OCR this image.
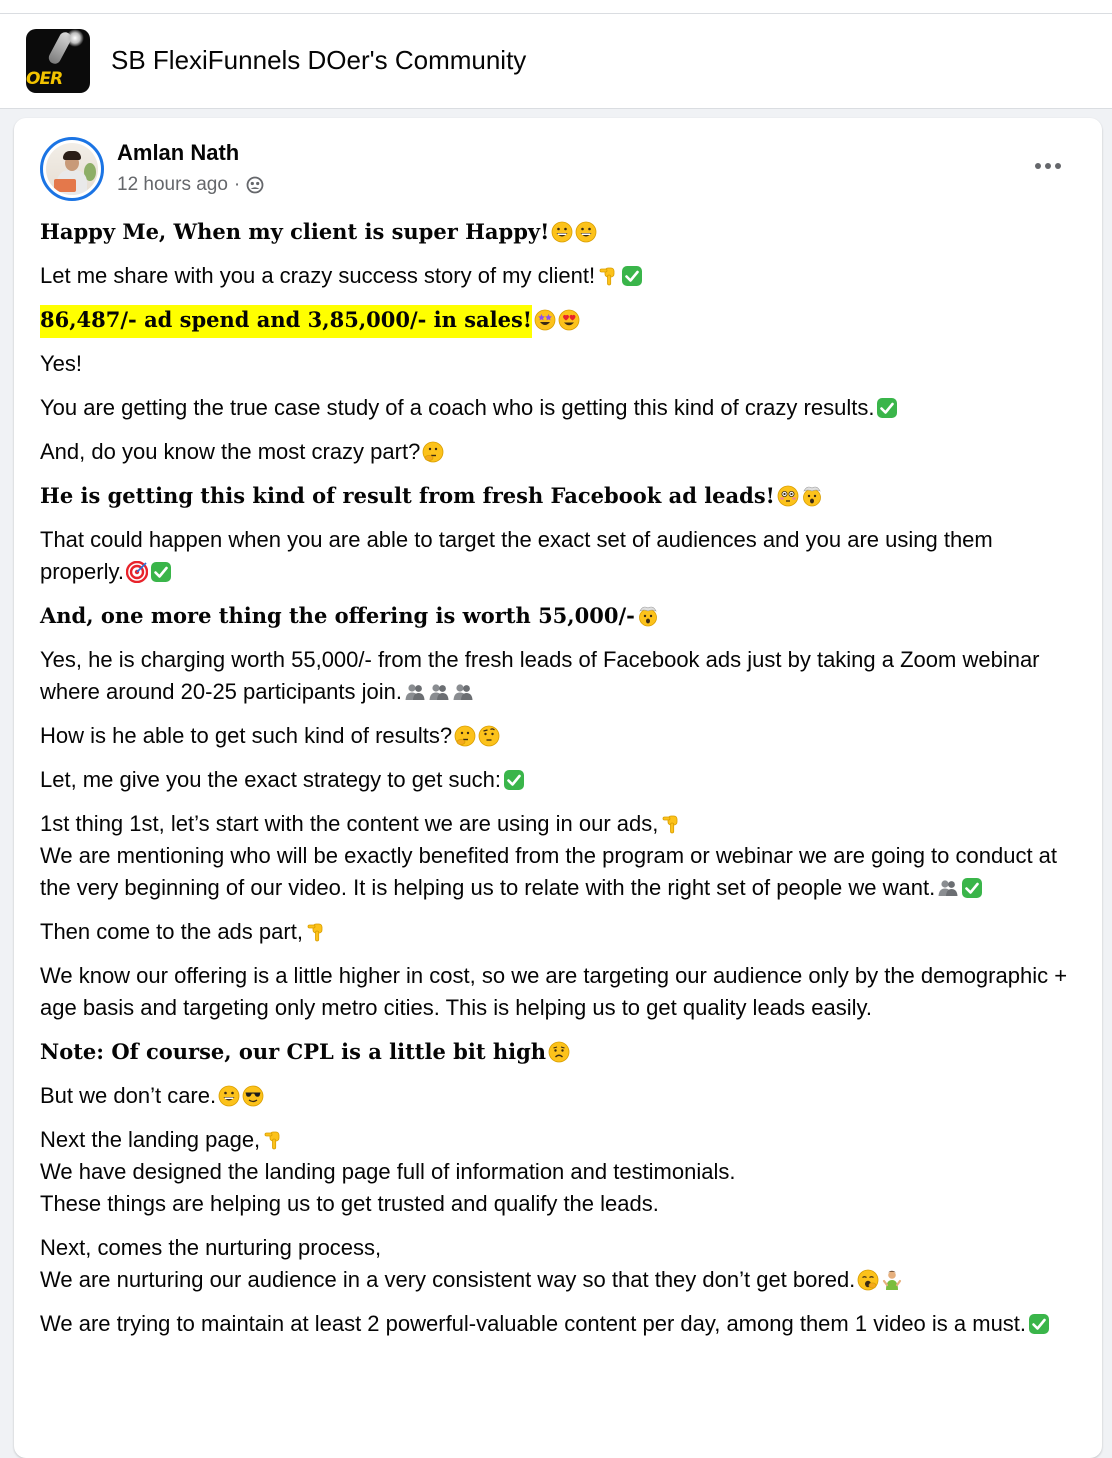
OER
SB FlexiFunnels DOer's Community
Amlan Nath
12 hours ago ·
Happy Me, When my client is super Happy!
Let me share with you a crazy success story of my client!
86,487/- ad spend and 3,85,000/- in sales!
Yes!
You are getting the true case study of a coach who is getting this kind of crazy results.
And, do you know the most crazy part?
He is getting this kind of result from fresh Facebook ad leads!
That could happen when you are able to target the exact set of audiences and you are using them properly.
And, one more thing the offering is worth 55,000/-
Yes, he is charging worth 55,000/- from the fresh leads of Facebook ads just by taking a Zoom webinar where around 20-25 participants join.
How is he able to get such kind of results?
Let, me give you the exact strategy to get such:
1st thing 1st, let’s start with the content we are using in our ads,

We are mentioning who will be exactly benefited from the program or webinar we are going to conduct at the very beginning of our video. It is helping us to relate with the right set of people we want.
Then come to the ads part,
We know our offering is a little higher in cost, so we are targeting our audience only by the demographic + age basis and targeting only metro cities. This is helping us to get quality leads easily.
Note: Of course, our CPL is a little bit high
But we don’t care.
Next the landing page,

We have designed the landing page full of information and testimonials.
These things are helping us to get trusted and qualify the leads.
Next, comes the nurturing process,
We are nurturing our audience in a very consistent way so that they don’t get bored.
We are trying to maintain at least 2 powerful-valuable content per day, among them 1 video is a must.
